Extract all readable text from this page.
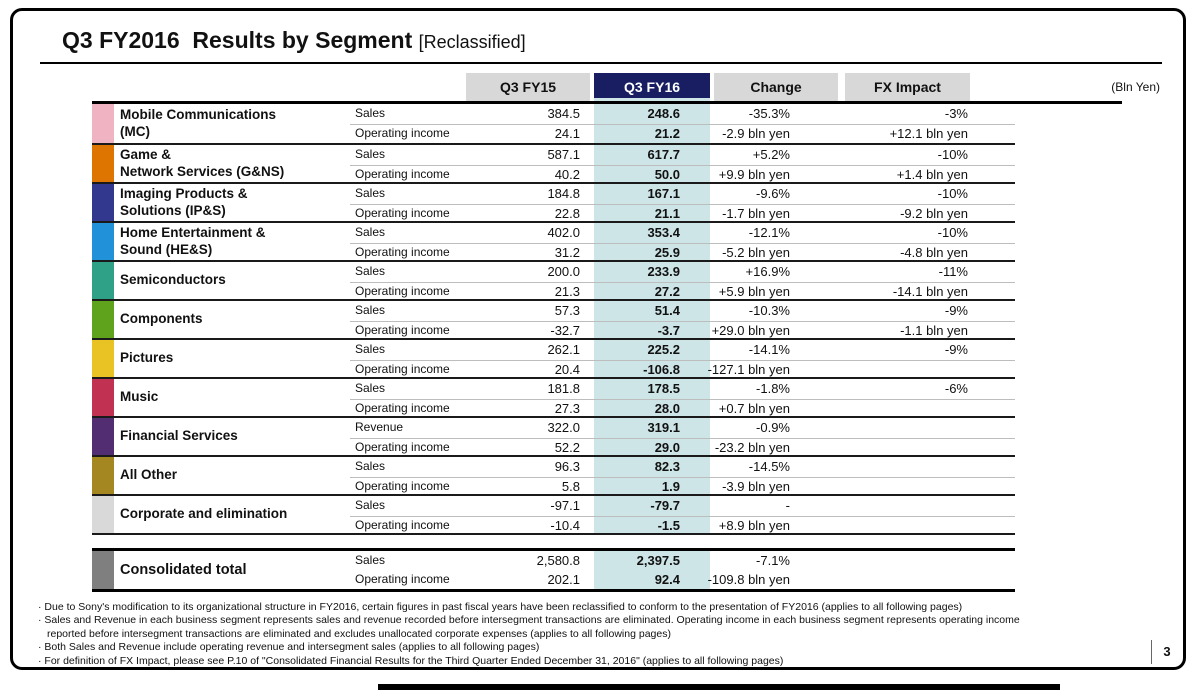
Q3 FY2016  Results by Segment [Reclassified]
Q3 FY15	Q3 FY16	Change	FX Impact	(Bln Yen)
Mobile Communications
(MC)
Sales	384.5	248.6	-35.3%	-3%
Operating income	24.1	21.2	-2.9 bln yen	+12.1 bln yen
Game &
Network Services (G&NS)
Sales	587.1	617.7	+5.2%	-10%
Operating income	40.2	50.0	+9.9 bln yen	+1.4 bln yen
Imaging Products &
Solutions (IP&S)
Sales	184.8	167.1	-9.6%	-10%
Operating income	22.8	21.1	-1.7 bln yen	-9.2 bln yen
Home Entertainment &
Sound (HE&S)
Sales	402.0	353.4	-12.1%	-10%
Operating income	31.2	25.9	-5.2 bln yen	-4.8 bln yen
Semiconductors
Sales	200.0	233.9	+16.9%	-11%
Operating income	21.3	27.2	+5.9 bln yen	-14.1 bln yen
Components
Sales	57.3	51.4	-10.3%	-9%
Operating income	-32.7	-3.7	+29.0 bln yen	-1.1 bln yen
Pictures
Sales	262.1	225.2	-14.1%	-9%
Operating income	20.4	-106.8	-127.1 bln yen
Music
Sales	181.8	178.5	-1.8%	-6%
Operating income	27.3	28.0	+0.7 bln yen
Financial Services
Revenue	322.0	319.1	-0.9%
Operating income	52.2	29.0	-23.2 bln yen
All Other
Sales	96.3	82.3	-14.5%
Operating income	5.8	1.9	-3.9 bln yen
Corporate and elimination
Sales	-97.1	-79.7	-
Operating income	-10.4	-1.5	+8.9 bln yen
Consolidated total
Sales	2,580.8	2,397.5	-7.1%
Operating income	202.1	92.4	-109.8 bln yen
· Due to Sony's modification to its organizational structure in FY2016, certain figures in past fiscal years have been reclassified to conform to the presentation of FY2016 (applies to all following pages)
· Sales and Revenue in each business segment represents sales and revenue recorded before intersegment transactions are eliminated. Operating income in each business segment represents operating income
reported before intersegment transactions are eliminated and excludes unallocated corporate expenses (applies to all following pages)
· Both Sales and Revenue include operating revenue and intersegment sales (applies to all following pages)
· For definition of FX Impact, please see P.10 of "Consolidated Financial Results for the Third Quarter Ended December 31, 2016" (applies to all following pages)
3
